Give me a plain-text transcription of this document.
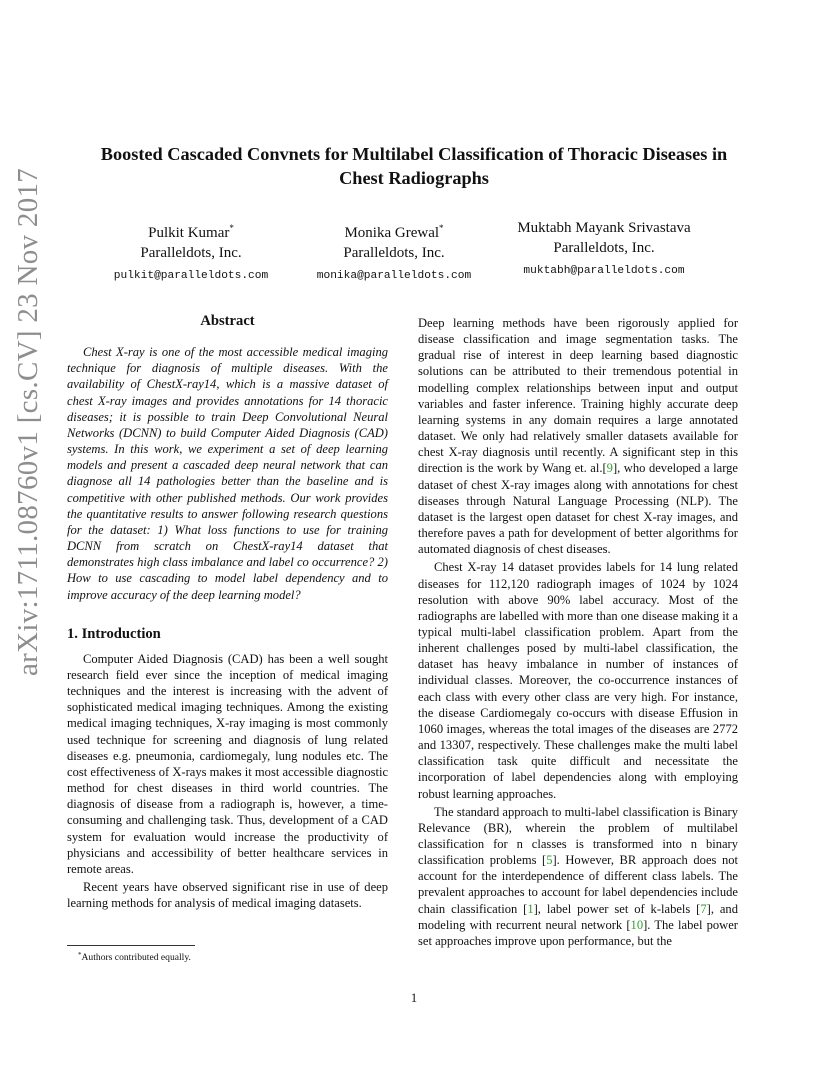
arXiv:1711.08760v1 [cs.CV] 23 Nov 2017
Boosted Cascaded Convnets for Multilabel Classification of Thoracic Diseases in
Chest Radiographs
Pulkit Kumar*
Paralleldots, Inc.
pulkit@paralleldots.com
Monika Grewal*
Paralleldots, Inc.
monika@paralleldots.com
Muktabh Mayank Srivastava
Paralleldots, Inc.
muktabh@paralleldots.com
Abstract

Chest X-ray is one of the most accessible medical imaging technique for diagnosis of multiple diseases. With the availability of ChestX-ray14, which is a massive dataset of chest X-ray images and provides annotations for 14 thoracic diseases; it is possible to train Deep Convolutional Neural Networks (DCNN) to build Computer Aided Diagnosis (CAD) systems. In this work, we experiment a set of deep learning models and present a cascaded deep neural network that can diagnose all 14 pathologies better than the baseline and is competitive with other published methods. Our work provides the quantitative results to answer following research questions for the dataset: 1) What loss functions to use for training DCNN from scratch on ChestX-ray14 dataset that demonstrates high class imbalance and label co occurrence? 2) How to use cascading to model label dependency and to improve accuracy of the deep learning model?

1. Introduction

Computer Aided Diagnosis (CAD) has been a well sought research field ever since the inception of medical imaging techniques and the interest is increasing with the advent of sophisticated medical imaging techniques. Among the existing medical imaging techniques, X-ray imaging is most commonly used technique for screening and diagnosis of lung related diseases e.g. pneumonia, cardiomegaly, lung nodules etc. The cost effectiveness of X-rays makes it most accessible diagnostic method for chest diseases in third world countries. The diagnosis of disease from a radiograph is, however, a time-consuming and challenging task. Thus, development of a CAD system for evaluation would increase the productivity of physicians and accessibility of better healthcare services in remote areas.

Recent years have observed significant rise in use of deep learning methods for analysis of medical imaging datasets.

Deep learning methods have been rigorously applied for disease classification and image segmentation tasks. The gradual rise of interest in deep learning based diagnostic solutions can be attributed to their tremendous potential in modelling complex relationships between input and output variables and faster inference. Training highly accurate deep learning systems in any domain requires a large annotated dataset. We only had relatively smaller datasets available for chest X-ray diagnosis until recently. A significant step in this direction is the work by Wang et. al.[9], who developed a large dataset of chest X-ray images along with annotations for chest diseases through Natural Language Processing (NLP). The dataset is the largest open dataset for chest X-ray images, and therefore paves a path for development of better algorithms for automated diagnosis of chest diseases.

Chest X-ray 14 dataset provides labels for 14 lung related diseases for 112,120 radiograph images of 1024 by 1024 resolution with above 90% label accuracy. Most of the radiographs are labelled with more than one disease making it a typical multi-label classification problem. Apart from the inherent challenges posed by multi-label classification, the dataset has heavy imbalance in number of instances of individual classes. Moreover, the co-occurrence instances of each class with every other class are very high. For instance, the disease Cardiomegaly co-occurs with disease Effusion in 1060 images, whereas the total images of the diseases are 2772 and 13307, respectively. These challenges make the multi label classification task quite difficult and necessitate the incorporation of label dependencies along with employing robust learning approaches.

The standard approach to multi-label classification is Binary Relevance (BR), wherein the problem of multilabel classification for n classes is transformed into n binary classification problems [5]. However, BR approach does not account for the interdependence of different class labels. The prevalent approaches to account for label dependencies include chain classification [1], label power set of k-labels [7], and modeling with recurrent neural network [10]. The label power set approaches improve upon performance, but the

*Authors contributed equally.
1
